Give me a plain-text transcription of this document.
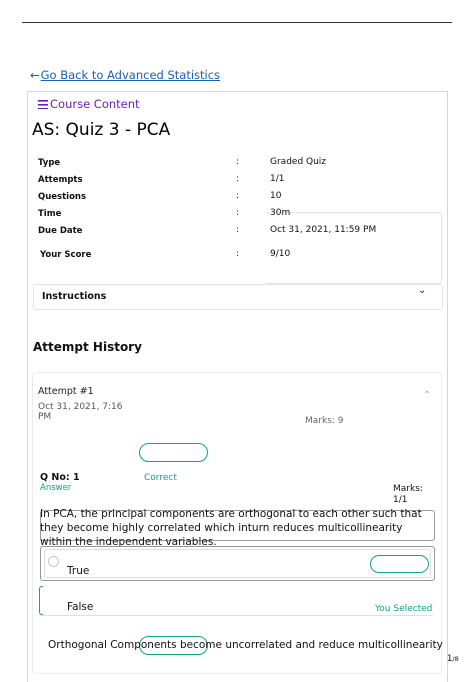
←Go Back to Advanced Statistics
Course Content
AS: Quiz 3 - PCA
Type	:	Graded Quiz
Attempts	:	1/1
Questions	:	10
Time	:	30m
Due Date	:	Oct 31, 2021, 11:59 PM
Your Score	:	9/10
Instructions
⌄
Attempt History
Attempt #1	⌃
Oct 31, 2021, 7:16 PM	Marks: 9
Q No: 1	Correct
Answer	Marks:
1/1
In PCA, the principal components are orthogonal to each other such that they become highly correlated which inturn reduces multicollinearity within the independent variables.
True
False	You Selected
Orthogonal Components become uncorrelated and reduce multicollinearity
1/8
